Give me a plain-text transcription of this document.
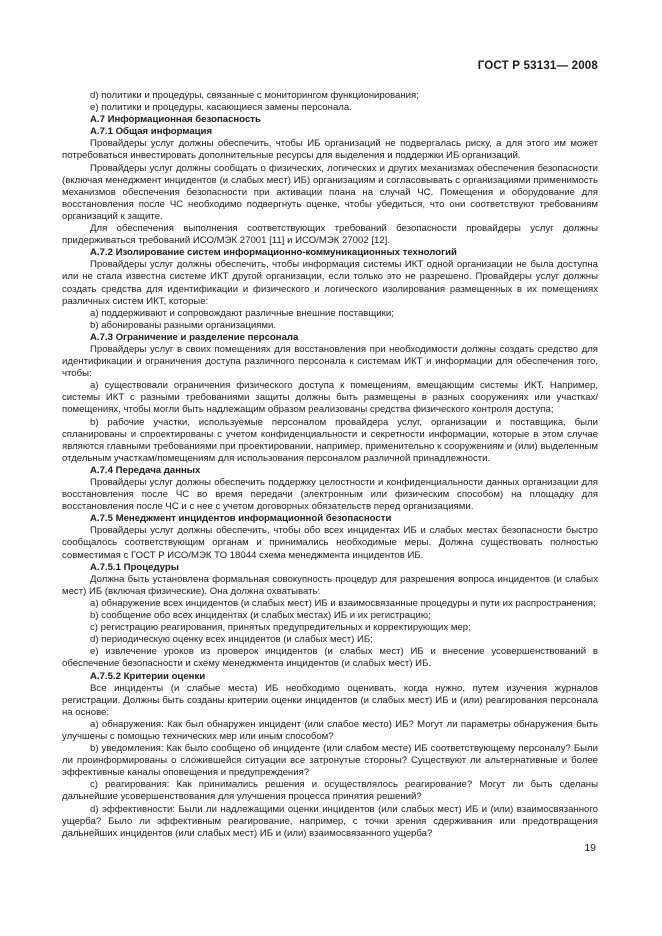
ГОСТ Р 53131— 2008

d) политики и процедуры, связанные с мониторингом функционирования;

е) политики и процедуры, касающиеся замены персонала.

А.7 Информационная безопасность

А.7.1 Общая информация

Провайдеры услуг должны обеспечить, чтобы ИБ организаций не подвергалась риску, а для этого им может потребоваться инвестировать дополнительные ресурсы для выделения и поддержки ИБ организаций.

Провайдеры услуг должны сообщать о физических, логических и других механизмах обеспечения безопасности (включая менеджмент инцидентов (и слабых мест) ИБ) организациям и согласовывать с организациями применимость механизмов обеспечения безопасности при активации плана на случай ЧС. Помещения и оборудование для восстановления после ЧС необходимо подвергнуть оценке, чтобы убедиться, что они соответствуют требованиям организаций к защите.

Для обеспечения выполнения соответствующих требований безопасности провайдеры услуг должны придерживаться требований ИСО/МЭК 27001 [11] и ИСО/МЭК 27002 [12].

А.7.2 Изолирование систем информационно-коммуникационных технологий

Провайдеры услуг должны обеспечить, чтобы информация системы ИКТ одной организации не была доступна или не стала известна системе ИКТ другой организации, если только это не разрешено. Провайдеры услуг должны создать средства для идентификации и физического и логического изолирования размещенных в их помещениях различных систем ИКТ, которые:

а) поддерживают и сопровождают различные внешние поставщики;

b) абонированы разными организациями.

А.7.3 Ограничение и разделение персонала

Провайдеры услуг в своих помещениях для восстановления при необходимости должны создать средство для идентификации и ограничения доступа различного персонала к системам ИКТ и информации для обеспечения того, чтобы:

а) существовали ограничения физического доступа к помещениям, вмещающим системы ИКТ. Например, системы ИКТ с разными требованиями защиты должны быть размещены в разных сооружениях или участках/помещениях, чтобы могли быть надлежащим образом реализованы средства физического контроля доступа;

b) рабочие участки, используемые персоналом провайдера услуг, организации и поставщика, были спланированы и спроектированы с учетом конфиденциальности и секретности информации, которые в этом случае являются главными требованиями при проектировании, например, применительно к сооружениям и (или) выделенным отдельным участкам/помещениям для использования персоналом различной принадлежности.

А.7.4 Передача данных

Провайдеры услуг должны обеспечить поддержку целостности и конфиденциальности данных организации для восстановления после ЧС во время передачи (электронным или физическим способом) на площадку для восстановления после ЧС и с нее с учетом договорных обязательств перед организациями.

А.7.5 Менеджмент инцидентов информационной безопасности

Провайдеры услуг должны обеспечить, чтобы обо всех инцидентах ИБ и слабых местах безопасности быстро сообщалось соответствующим органам и принимались необходимые меры. Должна существовать полностью совместимая с ГОСТ Р ИСО/МЭК ТО 18044 схема менеджмента инцидентов ИБ.

А.7.5.1 Процедуры

Должна быть установлена формальная совокупность процедур для разрешения вопроса инцидентов (и слабых мест) ИБ (включая физические). Она должна охватывать:

а) обнаружение всех инцидентов (и слабых мест) ИБ и взаимосвязанные процедуры и пути их распространения;

b) сообщение обо всех инцидентах (и слабых местах) ИБ и их регистрацию;

с) регистрацию реагирования, принятых предупредительных и корректирующих мер;

d) периодическую оценку всех инцидентов (и слабых мест) ИБ;

е) извлечение уроков из проверок инцидентов (и слабых мест) ИБ и внесение усовершенствований в обеспечение безопасности и схему менеджмента инцидентов (и слабых мест) ИБ.

А.7.5.2 Критерии оценки

Все инциденты (и слабые места) ИБ необходимо оценивать, когда нужно, путем изучения журналов регистрации. Должны быть созданы критерии оценки инцидентов (и слабых мест) ИБ и (или) реагирования персонала на основе:

а) обнаружения: Как был обнаружен инцидент (или слабое место) ИБ? Могут ли параметры обнаружения быть улучшены с помощью технических мер или иным способом?

b) уведомления: Как было сообщено об инциденте (или слабом месте) ИБ соответствующему персоналу? Были ли проинформированы о сложившейся ситуации все затронутые стороны? Существуют ли альтернативные и более эффективные каналы оповещения и предупреждения?

с) реагирования: Как принимались решения и осуществлялось реагирование? Могут ли быть сделаны дальнейшие усовершенствования для улучшения процесса принятия решений?

d) эффективности: Были ли надлежащими оценки инцидентов (или слабых мест) ИБ и (или) взаимосвязанного ущерба? Было ли эффективным реагирование, например, с точки зрения сдерживания или предотвращения дальнейших инцидентов (или слабых мест) ИБ и (или) взаимосвязанного ущерба?

19
